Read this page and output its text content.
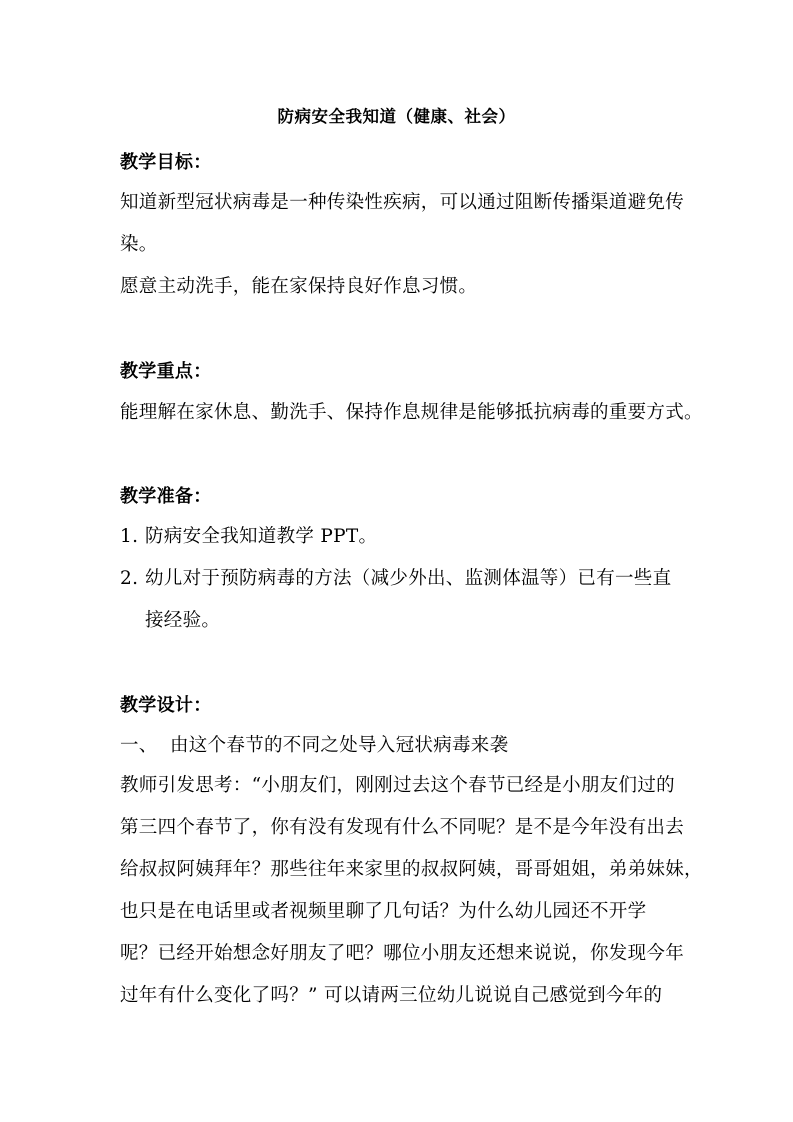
防病安全我知道（健康、社会）
教学目标：
知道新型冠状病毒是一种传染性疾病，可以通过阻断传播渠道避免传
染。
愿意主动洗手，能在家保持良好作息习惯。
教学重点：
能理解在家休息、勤洗手、保持作息规律是能够抵抗病毒的重要方式。
教学准备：
1. 防病安全我知道教学 PPT。
2. 幼儿对于预防病毒的方法（减少外出、监测体温等）已有一些直
接经验。
教学设计：
一、 由这个春节的不同之处导入冠状病毒来袭
教师引发思考：“小朋友们，刚刚过去这个春节已经是小朋友们过的
第三四个春节了，你有没有发现有什么不同呢？是不是今年没有出去
给叔叔阿姨拜年？那些往年来家里的叔叔阿姨，哥哥姐姐，弟弟妹妹，
也只是在电话里或者视频里聊了几句话？为什么幼儿园还不开学
呢？已经开始想念好朋友了吧？哪位小朋友还想来说说，你发现今年
过年有什么变化了吗？” 可以请两三位幼儿说说自己感觉到今年的
